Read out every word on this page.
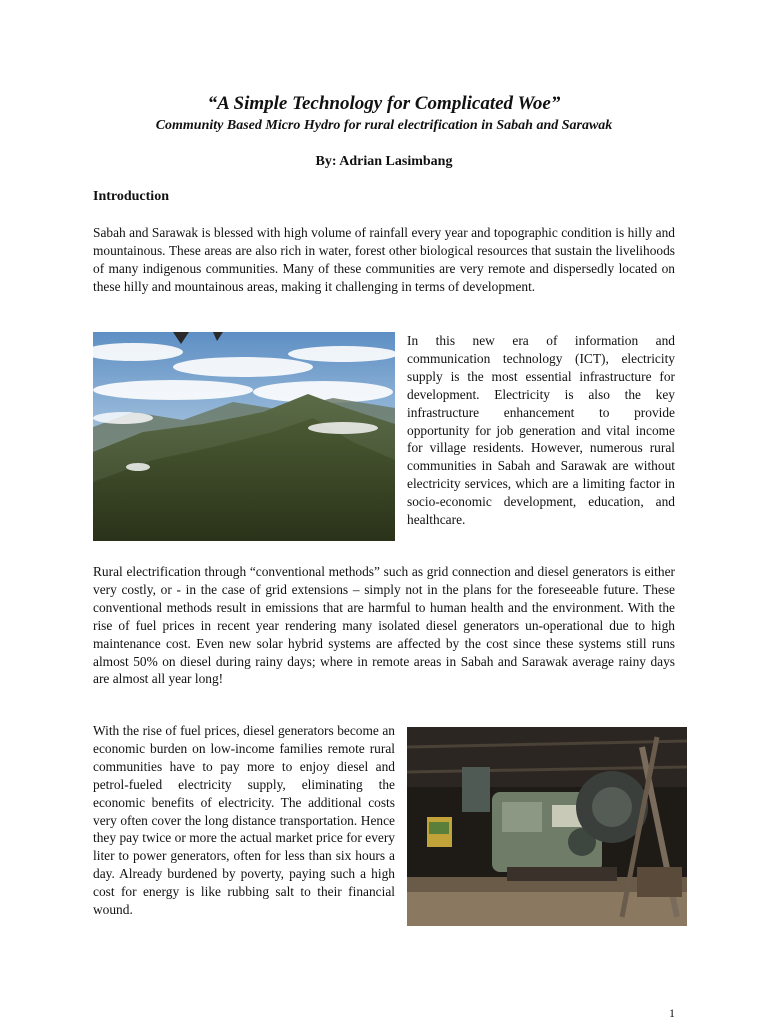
“A Simple Technology for Complicated Woe”
Community Based Micro Hydro for rural electrification in Sabah and Sarawak

By: Adrian Lasimbang

Introduction

Sabah and Sarawak is blessed with high volume of rainfall every year and topographic condition is hilly and mountainous. These areas are also rich in water, forest other biological resources that sustain the livelihoods of many indigenous communities. Many of these communities are very remote and dispersedly located on these hilly and mountainous areas, making it challenging in terms of development.

In this new era of information and communication technology (ICT), electricity supply is the most essential infrastructure for development. Electricity is also the key infrastructure enhancement to provide opportunity for job generation and vital income for village residents. However, numerous rural communities in Sabah and Sarawak are without electricity services, which are a limiting factor in socio-economic development, education, and healthcare.

Rural electrification through “conventional methods” such as grid connection and diesel generators is either very costly, or - in the case of grid extensions – simply not in the plans for the foreseeable future. These conventional methods result in emissions that are harmful to human health and the environment. With the rise of fuel prices in recent year rendering many isolated diesel generators un-operational due to high maintenance cost. Even new solar hybrid systems are affected by the cost since these systems still runs almost 50% on diesel during rainy days; where in remote areas in Sabah and Sarawak average rainy days are almost all year long!

With the rise of fuel prices, diesel generators become an economic burden on low-income families remote rural communities have to pay more to enjoy diesel and petrol-fueled electricity supply, eliminating the economic benefits of electricity. The additional costs very often cover the long distance transportation. Hence they pay twice or more the actual market price for every liter to power generators, often for less than six hours a day. Already burdened by poverty, paying such a high cost for energy is like rubbing salt to their financial wound.

1
